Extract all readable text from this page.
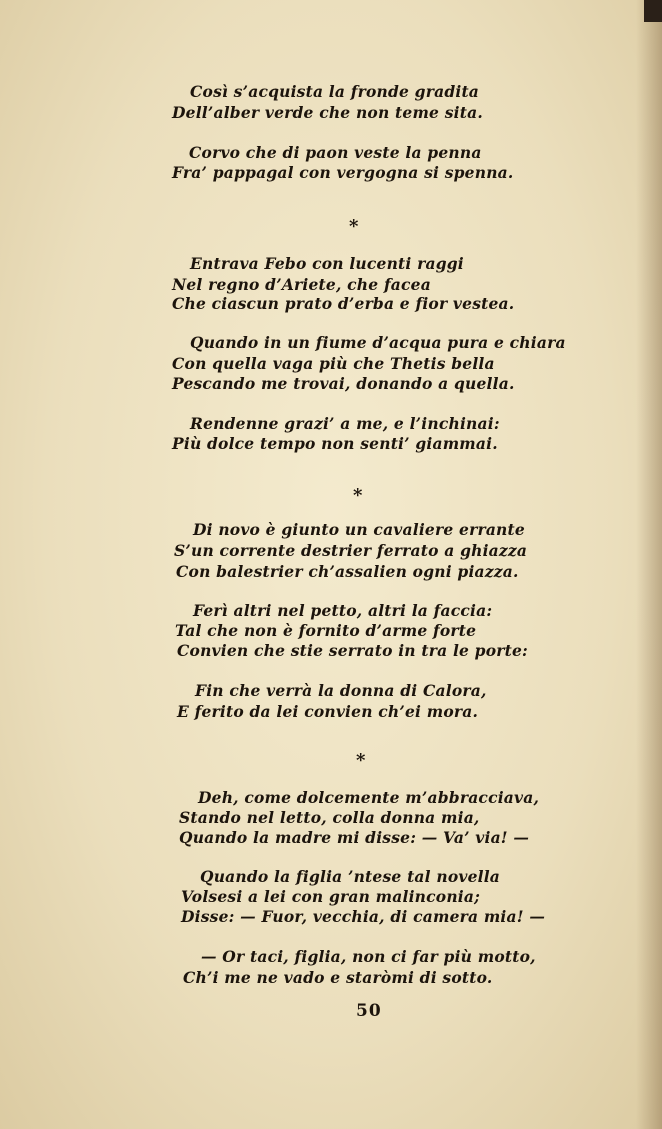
Così s’acquista la fronde gradita
Dell’alber verde che non teme sita.
Corvo che di paon veste la penna
Fra’ pappagal con vergogna si spenna.
*
Entrava Febo con lucenti raggi
Nel regno d’Ariete, che facea
Che ciascun prato d’erba e fior vestea.
Quando in un fiume d’acqua pura e chiara
Con quella vaga più che Thetis bella
Pescando me trovai, donando a quella.
Rendenne grazi’ a me, e l’inchinai:
Più dolce tempo non senti’ giammai.
*
Di novo è giunto un cavaliere errante
S’un corrente destrier ferrato a ghiazza
Con balestrier ch’assalien ogni piazza.
Ferì altri nel petto, altri la faccia:
Tal che non è fornito d’arme forte
Convien che stie serrato in tra le porte:
Fin che verrà la donna di Calora,
E ferito da lei convien ch’ei mora.
*
Deh, come dolcemente m’abbracciava,
Stando nel letto, colla donna mia,
Quando la madre mi disse: — Va’ via! —
Quando la figlia ’ntese tal novella
Volsesi a lei con gran malinconia;
Disse: — Fuor, vecchia, di camera mia! —
— Or taci, figlia, non ci far più motto,
Ch’i me ne vado e staròmi di sotto.
50
